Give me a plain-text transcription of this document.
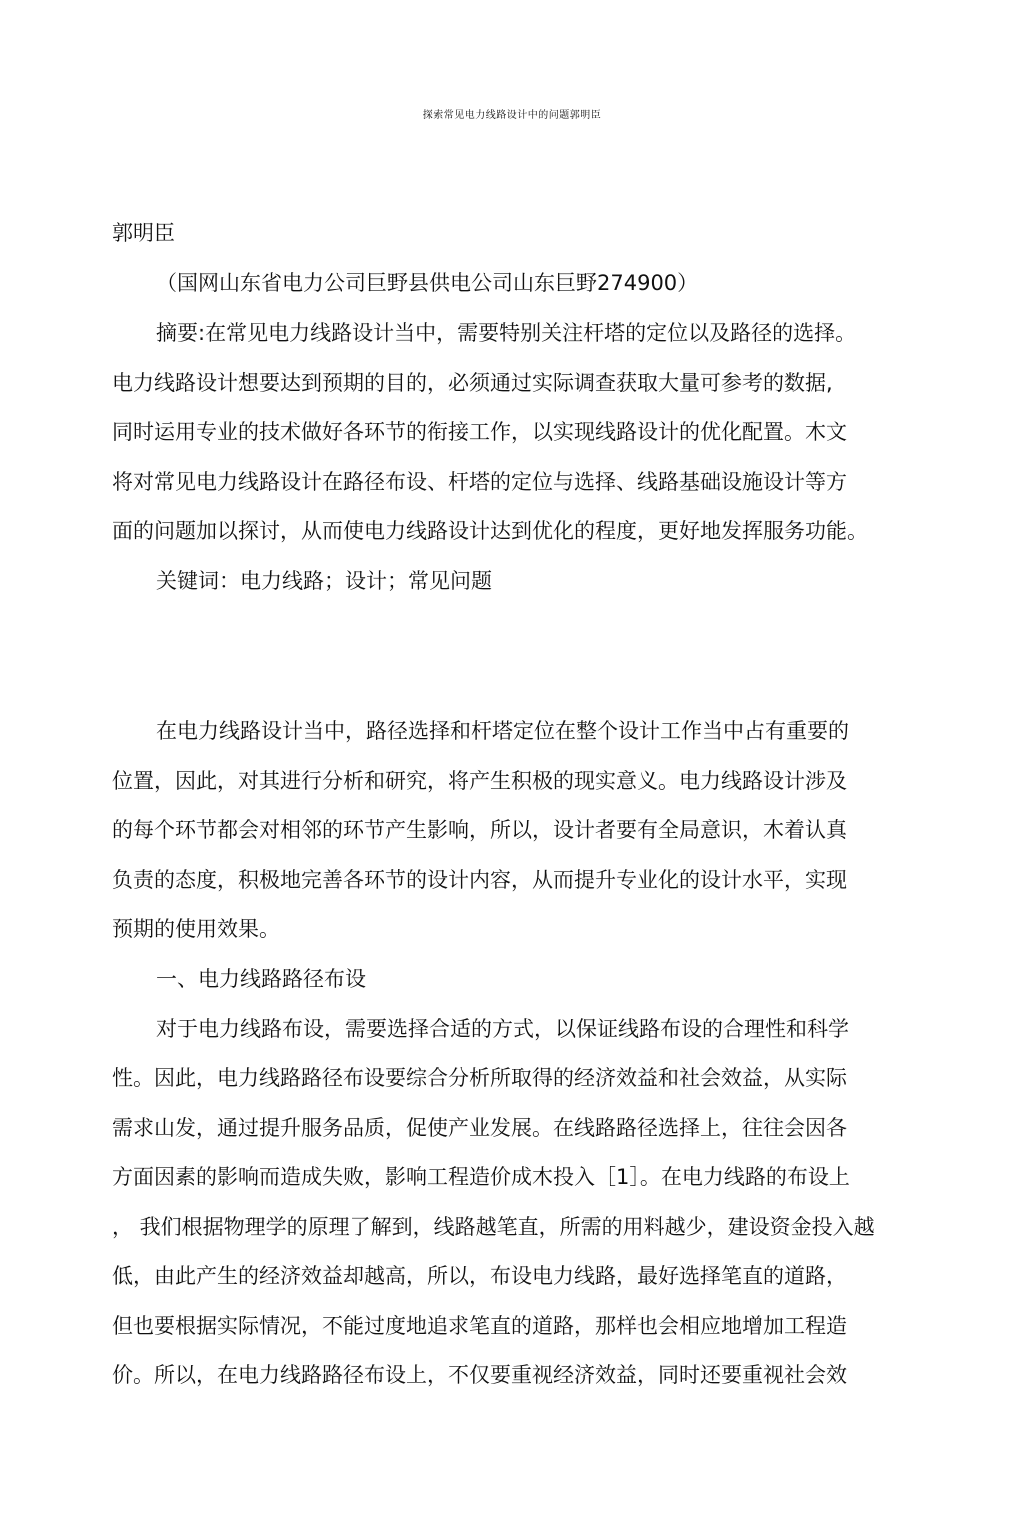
探索常见电力线路设计中的问题郭明臣
郭明臣
（国网山东省电力公司巨野县供电公司山东巨野274900）
摘要:在常见电力线路设计当中，需要特别关注杆塔的定位以及路径的选择。
电力线路设计想要达到预期的目的，必须通过实际调查获取大量可参考的数据,
同时运用专业的技术做好各环节的衔接工作，以实现线路设计的优化配置。木文
将对常见电力线路设计在路径布设、杆塔的定位与选择、线路基础设施设计等方
面的问题加以探讨，从而使电力线路设计达到优化的程度，更好地发挥服务功能。
关键词：电力线路；设计；常见问题
在电力线路设计当中，路径选择和杆塔定位在整个设计工作当中占有重要的
位置，因此，对其进行分析和研究，将产生积极的现实意义。电力线路设计涉及
的每个环节都会对相邻的环节产生影响，所以，设计者要有全局意识，木着认真
负责的态度，积极地完善各环节的设计内容，从而提升专业化的设计水平，实现
预期的使用效果。
一、电力线路路径布设
对于电力线路布设，需要选择合适的方式，以保证线路布设的合理性和科学
性。因此，电力线路路径布设要综合分析所取得的经济效益和社会效益，从实际
需求山发，通过提升服务品质，促使产业发展。在线路路径选择上，往往会因各
方面因素的影响而造成失败，影响工程造价成木投入［1］。在电力线路的布设上
， 我们根据物理学的原理了解到，线路越笔直，所需的用料越少，建设资金投入越
低，由此产生的经济效益却越高，所以，布设电力线路，最好选择笔直的道路，
但也要根据实际情况，不能过度地追求笔直的道路，那样也会相应地增加工程造
价。所以，在电力线路路径布设上，不仅要重视经济效益，同时还要重视社会效
